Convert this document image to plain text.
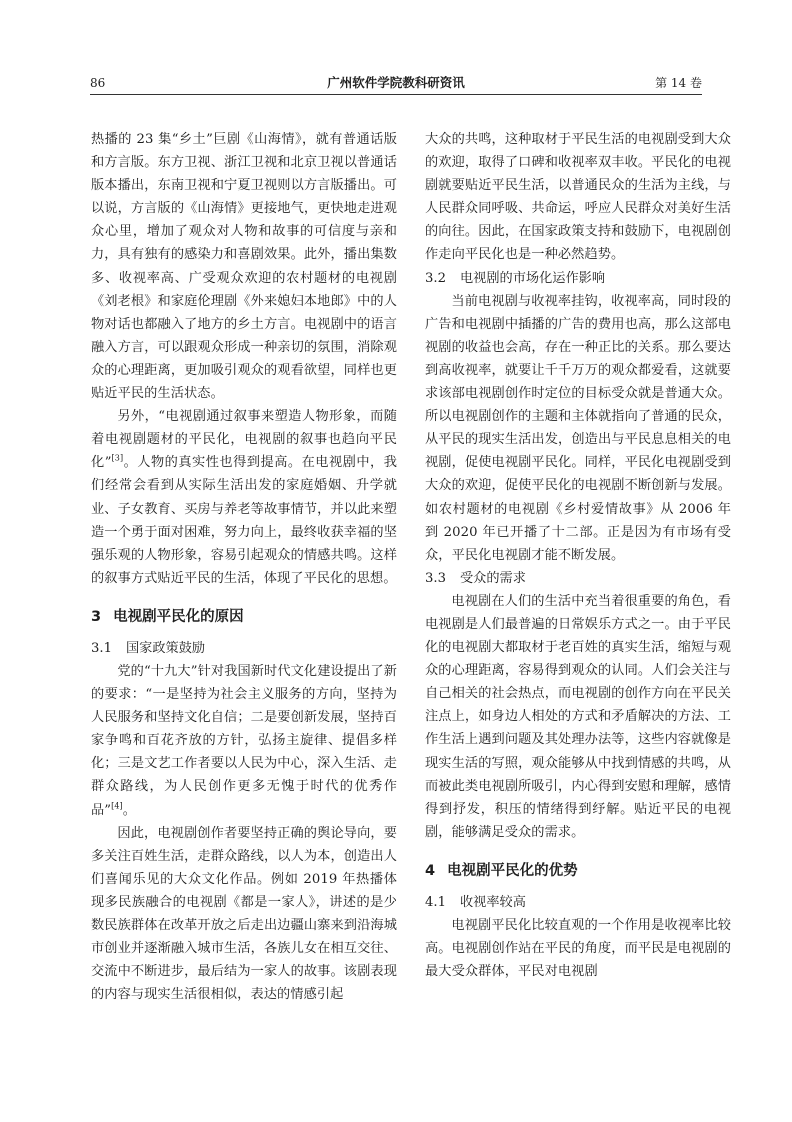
86	广州软件学院教科研资讯	第 14 卷

热播的 23 集“乡土”巨剧《山海情》，就有普通话版和方言版。东方卫视、浙江卫视和北京卫视以普通话版本播出，东南卫视和宁夏卫视则以方言版播出。可以说，方言版的《山海情》更接地气，更快地走进观众心里，增加了观众对人物和故事的可信度与亲和力，具有独有的感染力和喜剧效果。此外，播出集数多、收视率高、广受观众欢迎的农村题材的电视剧《刘老根》和家庭伦理剧《外来媳妇本地郎》中的人物对话也都融入了地方的乡土方言。电视剧中的语言融入方言，可以跟观众形成一种亲切的氛围，消除观众的心理距离，更加吸引观众的观看欲望，同样也更贴近平民的生活状态。

另外，“电视剧通过叙事来塑造人物形象，而随着电视剧题材的平民化，电视剧的叙事也趋向平民化”[3]。人物的真实性也得到提高。在电视剧中，我们经常会看到从实际生活出发的家庭婚姻、升学就业、子女教育、买房与养老等故事情节，并以此来塑造一个勇于面对困难，努力向上，最终收获幸福的坚强乐观的人物形象，容易引起观众的情感共鸣。这样的叙事方式贴近平民的生活，体现了平民化的思想。

3 电视剧平民化的原因
3.1 国家政策鼓励

党的“十九大”针对我国新时代文化建设提出了新的要求：“一是坚持为社会主义服务的方向，坚持为人民服务和坚持文化自信；二是要创新发展，坚持百家争鸣和百花齐放的方针，弘扬主旋律、提倡多样化；三是文艺工作者要以人民为中心，深入生活、走群众路线，为人民创作更多无愧于时代的优秀作品”[4]。

因此，电视剧创作者要坚持正确的舆论导向，要多关注百姓生活，走群众路线，以人为本，创造出人们喜闻乐见的大众文化作品。例如 2019 年热播体现多民族融合的电视剧《都是一家人》，讲述的是少数民族群体在改革开放之后走出边疆山寨来到沿海城市创业并逐渐融入城市生活，各族儿女在相互交往、交流中不断进步，最后结为一家人的故事。该剧表现的内容与现实生活很相似，表达的情感引起

大众的共鸣，这种取材于平民生活的电视剧受到大众的欢迎，取得了口碑和收视率双丰收。平民化的电视剧就要贴近平民生活，以普通民众的生活为主线，与人民群众同呼吸、共命运，呼应人民群众对美好生活的向往。因此，在国家政策支持和鼓励下，电视剧创作走向平民化也是一种必然趋势。

3.2 电视剧的市场化运作影响

当前电视剧与收视率挂钩，收视率高，同时段的广告和电视剧中插播的广告的费用也高，那么这部电视剧的收益也会高，存在一种正比的关系。那么要达到高收视率，就要让千千万万的观众都爱看，这就要求该部电视剧创作时定位的目标受众就是普通大众。所以电视剧创作的主题和主体就指向了普通的民众，从平民的现实生活出发，创造出与平民息息相关的电视剧，促使电视剧平民化。同样，平民化电视剧受到大众的欢迎，促使平民化的电视剧不断创新与发展。如农村题材的电视剧《乡村爱情故事》从 2006 年到 2020 年已开播了十二部。正是因为有市场有受众，平民化电视剧才能不断发展。

3.3 受众的需求

电视剧在人们的生活中充当着很重要的角色，看电视剧是人们最普遍的日常娱乐方式之一。由于平民化的电视剧大都取材于老百姓的真实生活，缩短与观众的心理距离，容易得到观众的认同。人们会关注与自己相关的社会热点，而电视剧的创作方向在平民关注点上，如身边人相处的方式和矛盾解决的方法、工作生活上遇到问题及其处理办法等，这些内容就像是现实生活的写照，观众能够从中找到情感的共鸣，从而被此类电视剧所吸引，内心得到安慰和理解，感情得到抒发，积压的情绪得到纾解。贴近平民的电视剧，能够满足受众的需求。

4 电视剧平民化的优势
4.1 收视率较高

电视剧平民化比较直观的一个作用是收视率比较高。电视剧创作站在平民的角度，而平民是电视剧的最大受众群体，平民对电视剧
